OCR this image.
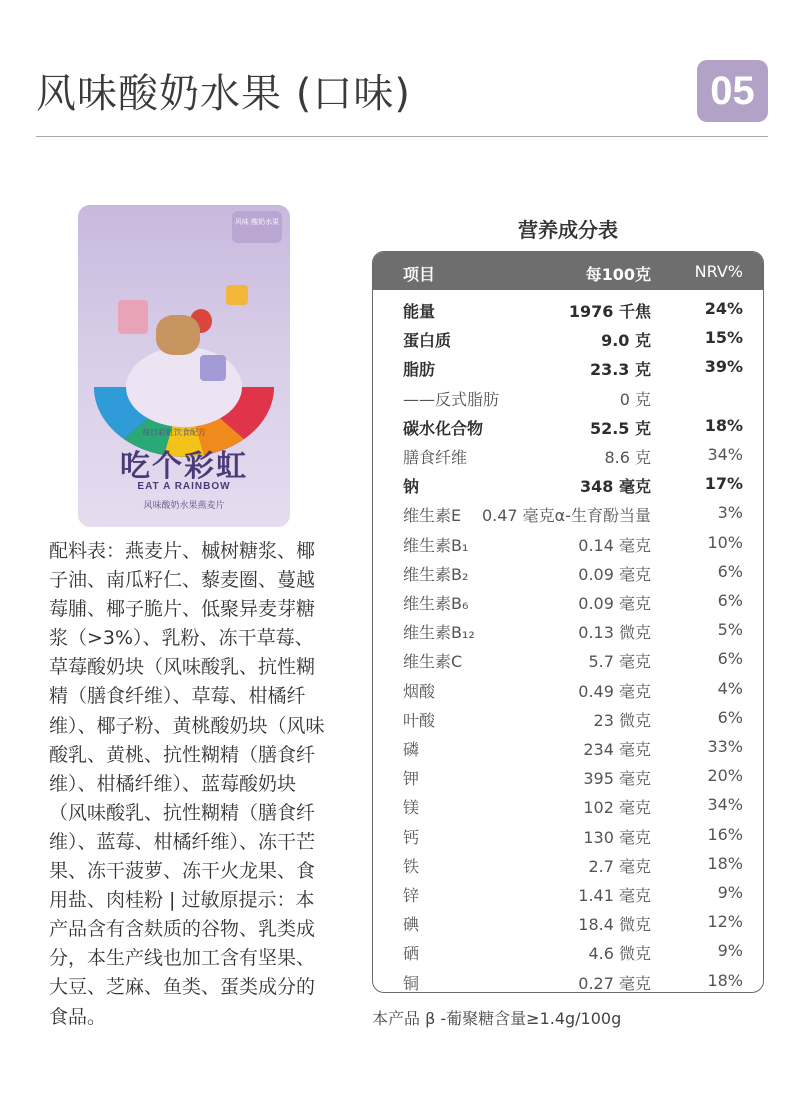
风味酸奶水果 (口味)	05
风味 酸奶水果
每日彩虹饮食配方
吃个彩虹
EAT A RAINBOW
风味酸奶水果燕麦片
配料表：燕麦片、槭树糖浆、椰子油、南瓜籽仁、藜麦圈、蔓越莓脯、椰子脆片、低聚异麦芽糖浆（>3%）、乳粉、冻干草莓、草莓酸奶块（风味酸乳、抗性糊精（膳食纤维）、草莓、柑橘纤维）、椰子粉、黄桃酸奶块（风味酸乳、黄桃、抗性糊精（膳食纤维）、柑橘纤维）、蓝莓酸奶块（风味酸乳、抗性糊精（膳食纤维）、蓝莓、柑橘纤维）、冻干芒果、冻干菠萝、冻干火龙果、食用盐、肉桂粉 | 过敏原提示：本产品含有含麸质的谷物、乳类成分，本生产线也加工含有坚果、大豆、芝麻、鱼类、蛋类成分的食品。
营养成分表
项目	每100克	NRV%
能量	1976 千焦	24%
蛋白质	9.0 克	15%
脂肪	23.3 克	39%
——反式脂肪	0 克
碳水化合物	52.5 克	18%
膳食纤维	8.6 克	34%
钠	348 毫克	17%
维生素E 0.47 毫克α-生育酚当量	3%
维生素B₁	0.14 毫克	10%
维生素B₂	0.09 毫克	6%
维生素B₆	0.09 毫克	6%
维生素B₁₂	0.13 微克	5%
维生素C	5.7 毫克	6%
烟酸	0.49 毫克	4%
叶酸	23 微克	6%
磷	234 毫克	33%
钾	395 毫克	20%
镁	102 毫克	34%
钙	130 毫克	16%
铁	2.7 毫克	18%
锌	1.41 毫克	9%
碘	18.4 微克	12%
硒	4.6 微克	9%
铜	0.27 毫克	18%
本产品 β -葡聚糖含量≥1.4g/100g
